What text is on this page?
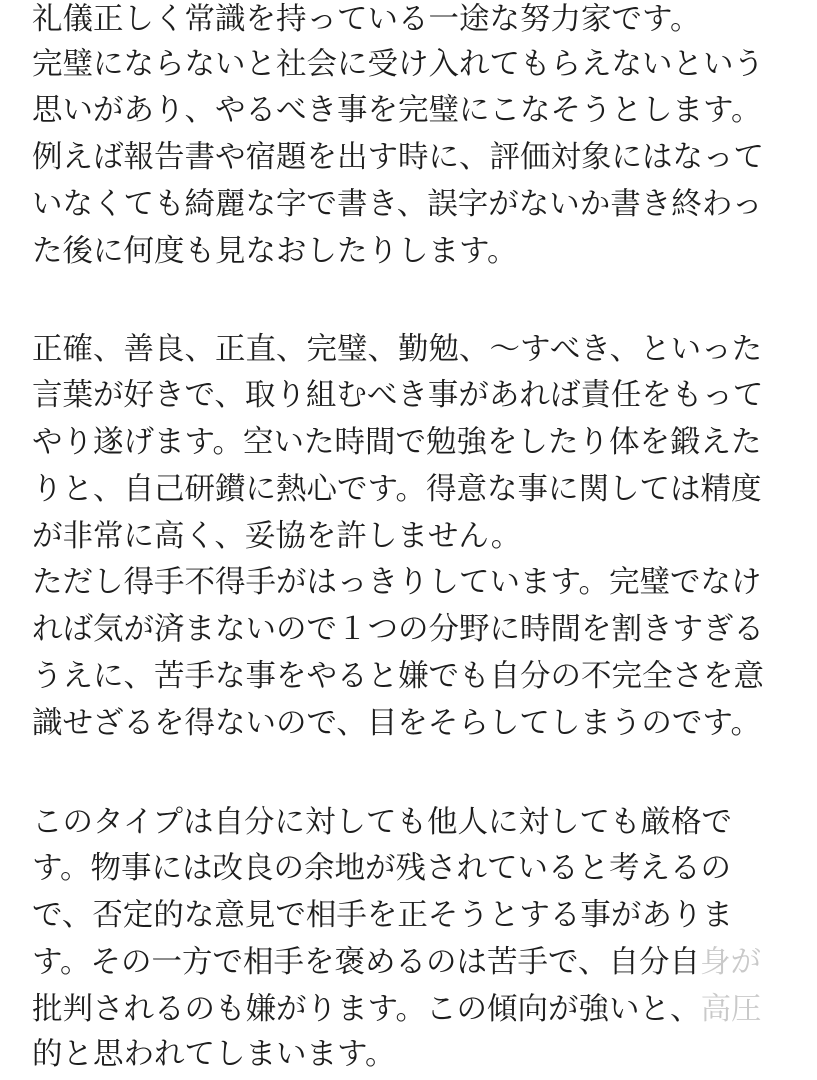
礼儀正しく常識を持っている一途な努力家です。
完璧にならないと社会に受け入れてもらえないという
思いがあり、やるべき事を完璧にこなそうとします。
例えば報告書や宿題を出す時に、評価対象にはなって
いなくても綺麗な字で書き、誤字がないか書き終わっ
た後に何度も見なおしたりします。
正確、善良、正直、完璧、勤勉、〜すべき、といった
言葉が好きで、取り組むべき事があれば責任をもって
やり遂げます。空いた時間で勉強をしたり体を鍛えた
りと、自己研鑚に熱心です。得意な事に関しては精度
が非常に高く、妥協を許しません。
ただし得手不得手がはっきりしています。完璧でなけ
れば気が済まないので１つの分野に時間を割きすぎる
うえに、苦手な事をやると嫌でも自分の不完全さを意
識せざるを得ないので、目をそらしてしまうのです。
このタイプは自分に対しても他人に対しても厳格で
す。物事には改良の余地が残されていると考えるの
で、否定的な意見で相手を正そうとする事がありま
す。その一方で相手を褒めるのは苦手で、自分自身が
批判されるのも嫌がります。この傾向が強いと、高圧
的と思われてしまいます。
